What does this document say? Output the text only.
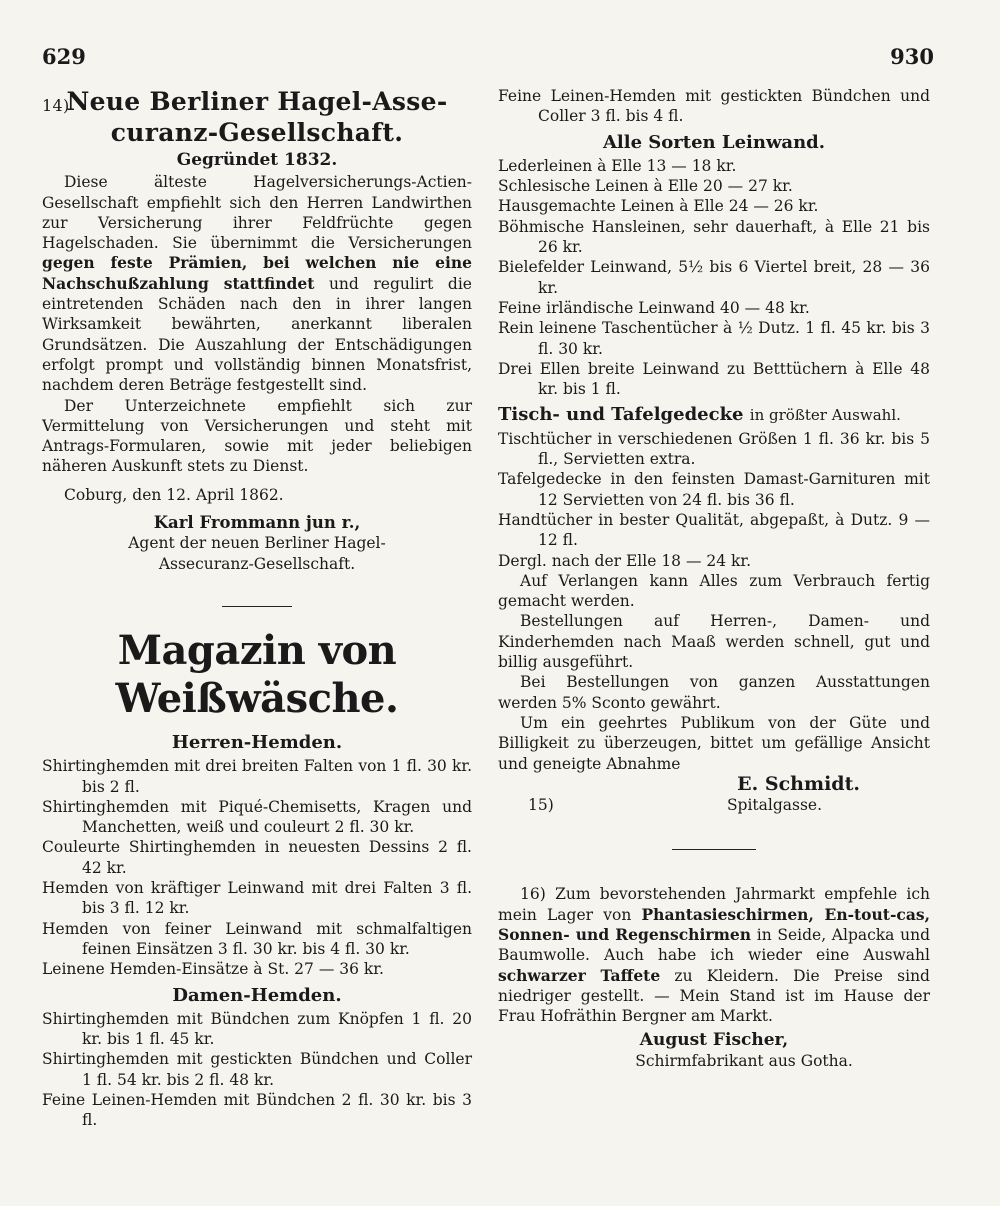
629	930
14)
Neue Berliner Hagel-Asse-
curanz-Gesellschaft.
Gegründet 1832.

Diese älteste Hagelversicherungs-Actien-Gesellschaft empfiehlt sich den Herren Landwirthen zur Versicherung ihrer Feldfrüchte gegen Hagelschaden. Sie übernimmt die Versicherungen gegen feste Prämien, bei welchen nie eine Nachschußzahlung stattfindet und regulirt die eintretenden Schäden nach den in ihrer langen Wirksamkeit bewährten, anerkannt liberalen Grundsätzen. Die Auszahlung der Entschädigungen erfolgt prompt und vollständig binnen Monatsfrist, nachdem deren Beträge festgestellt sind.

Der Unterzeichnete empfiehlt sich zur Vermittelung von Versicherungen und steht mit Antrags-Formularen, sowie mit jeder beliebigen näheren Auskunft stets zu Dienst.

Coburg, den 12. April 1862.

Karl Frommann jun r.,

Agent der neuen Berliner Hagel-

Assecuranz-Gesellschaft.

Magazin von Weißwäsche.
Herren-Hemden.

Shirtinghemden mit drei breiten Falten von 1 fl. 30 kr. bis 2 fl.

Shirtinghemden mit Piqué-Chemisetts, Kragen und Manchetten, weiß und couleurt 2 fl. 30 kr.

Couleurte Shirtinghemden in neuesten Dessins 2 fl. 42 kr.

Hemden von kräftiger Leinwand mit drei Falten 3 fl. bis 3 fl. 12 kr.

Hemden von feiner Leinwand mit schmalfaltigen feinen Einsätzen 3 fl. 30 kr. bis 4 fl. 30 kr.

Leinene Hemden-Einsätze à St. 27 — 36 kr.

Damen-Hemden.

Shirtinghemden mit Bündchen zum Knöpfen 1 fl. 20 kr. bis 1 fl. 45 kr.

Shirtinghemden mit gestickten Bündchen und Coller 1 fl. 54 kr. bis 2 fl. 48 kr.

Feine Leinen-Hemden mit Bündchen 2 fl. 30 kr. bis 3 fl.

Feine Leinen-Hemden mit gestickten Bündchen und Coller 3 fl. bis 4 fl.

Alle Sorten Leinwand.

Lederleinen à Elle 13 — 18 kr.

Schlesische Leinen à Elle 20 — 27 kr.

Hausgemachte Leinen à Elle 24 — 26 kr.

Böhmische Hansleinen, sehr dauerhaft, à Elle 21 bis 26 kr.

Bielefelder Leinwand, 5½ bis 6 Viertel breit, 28 — 36 kr.

Feine irländische Leinwand 40 — 48 kr.

Rein leinene Taschentücher à ½ Dutz. 1 fl. 45 kr. bis 3 fl. 30 kr.

Drei Ellen breite Leinwand zu Betttüchern à Elle 48 kr. bis 1 fl.

Tisch- und Tafelgedecke in größter Auswahl.

Tischtücher in verschiedenen Größen 1 fl. 36 kr. bis 5 fl., Servietten extra.

Tafelgedecke in den feinsten Damast-Garnituren mit 12 Servietten von 24 fl. bis 36 fl.

Handtücher in bester Qualität, abgepaßt, à Dutz. 9 — 12 fl.

Dergl. nach der Elle 18 — 24 kr.

Auf Verlangen kann Alles zum Verbrauch fertig gemacht werden.

Bestellungen auf Herren-, Damen- und Kinderhemden nach Maaß werden schnell, gut und billig ausgeführt.

Bei Bestellungen von ganzen Ausstattungen werden 5% Sconto gewährt.

Um ein geehrtes Publikum von der Güte und Billigkeit zu überzeugen, bittet um gefällige Ansicht und geneigte Abnahme

E. Schmidt.

15)	Spitalgasse.

16) Zum bevorstehenden Jahrmarkt empfehle ich mein Lager von Phantasieschirmen, En-tout-cas, Sonnen- und Regenschirmen in Seide, Alpacka und Baumwolle. Auch habe ich wieder eine Auswahl schwarzer Taffete zu Kleidern. Die Preise sind niedriger gestellt. — Mein Stand ist im Hause der Frau Hofräthin Bergner am Markt.

August Fischer,

Schirmfabrikant aus Gotha.
